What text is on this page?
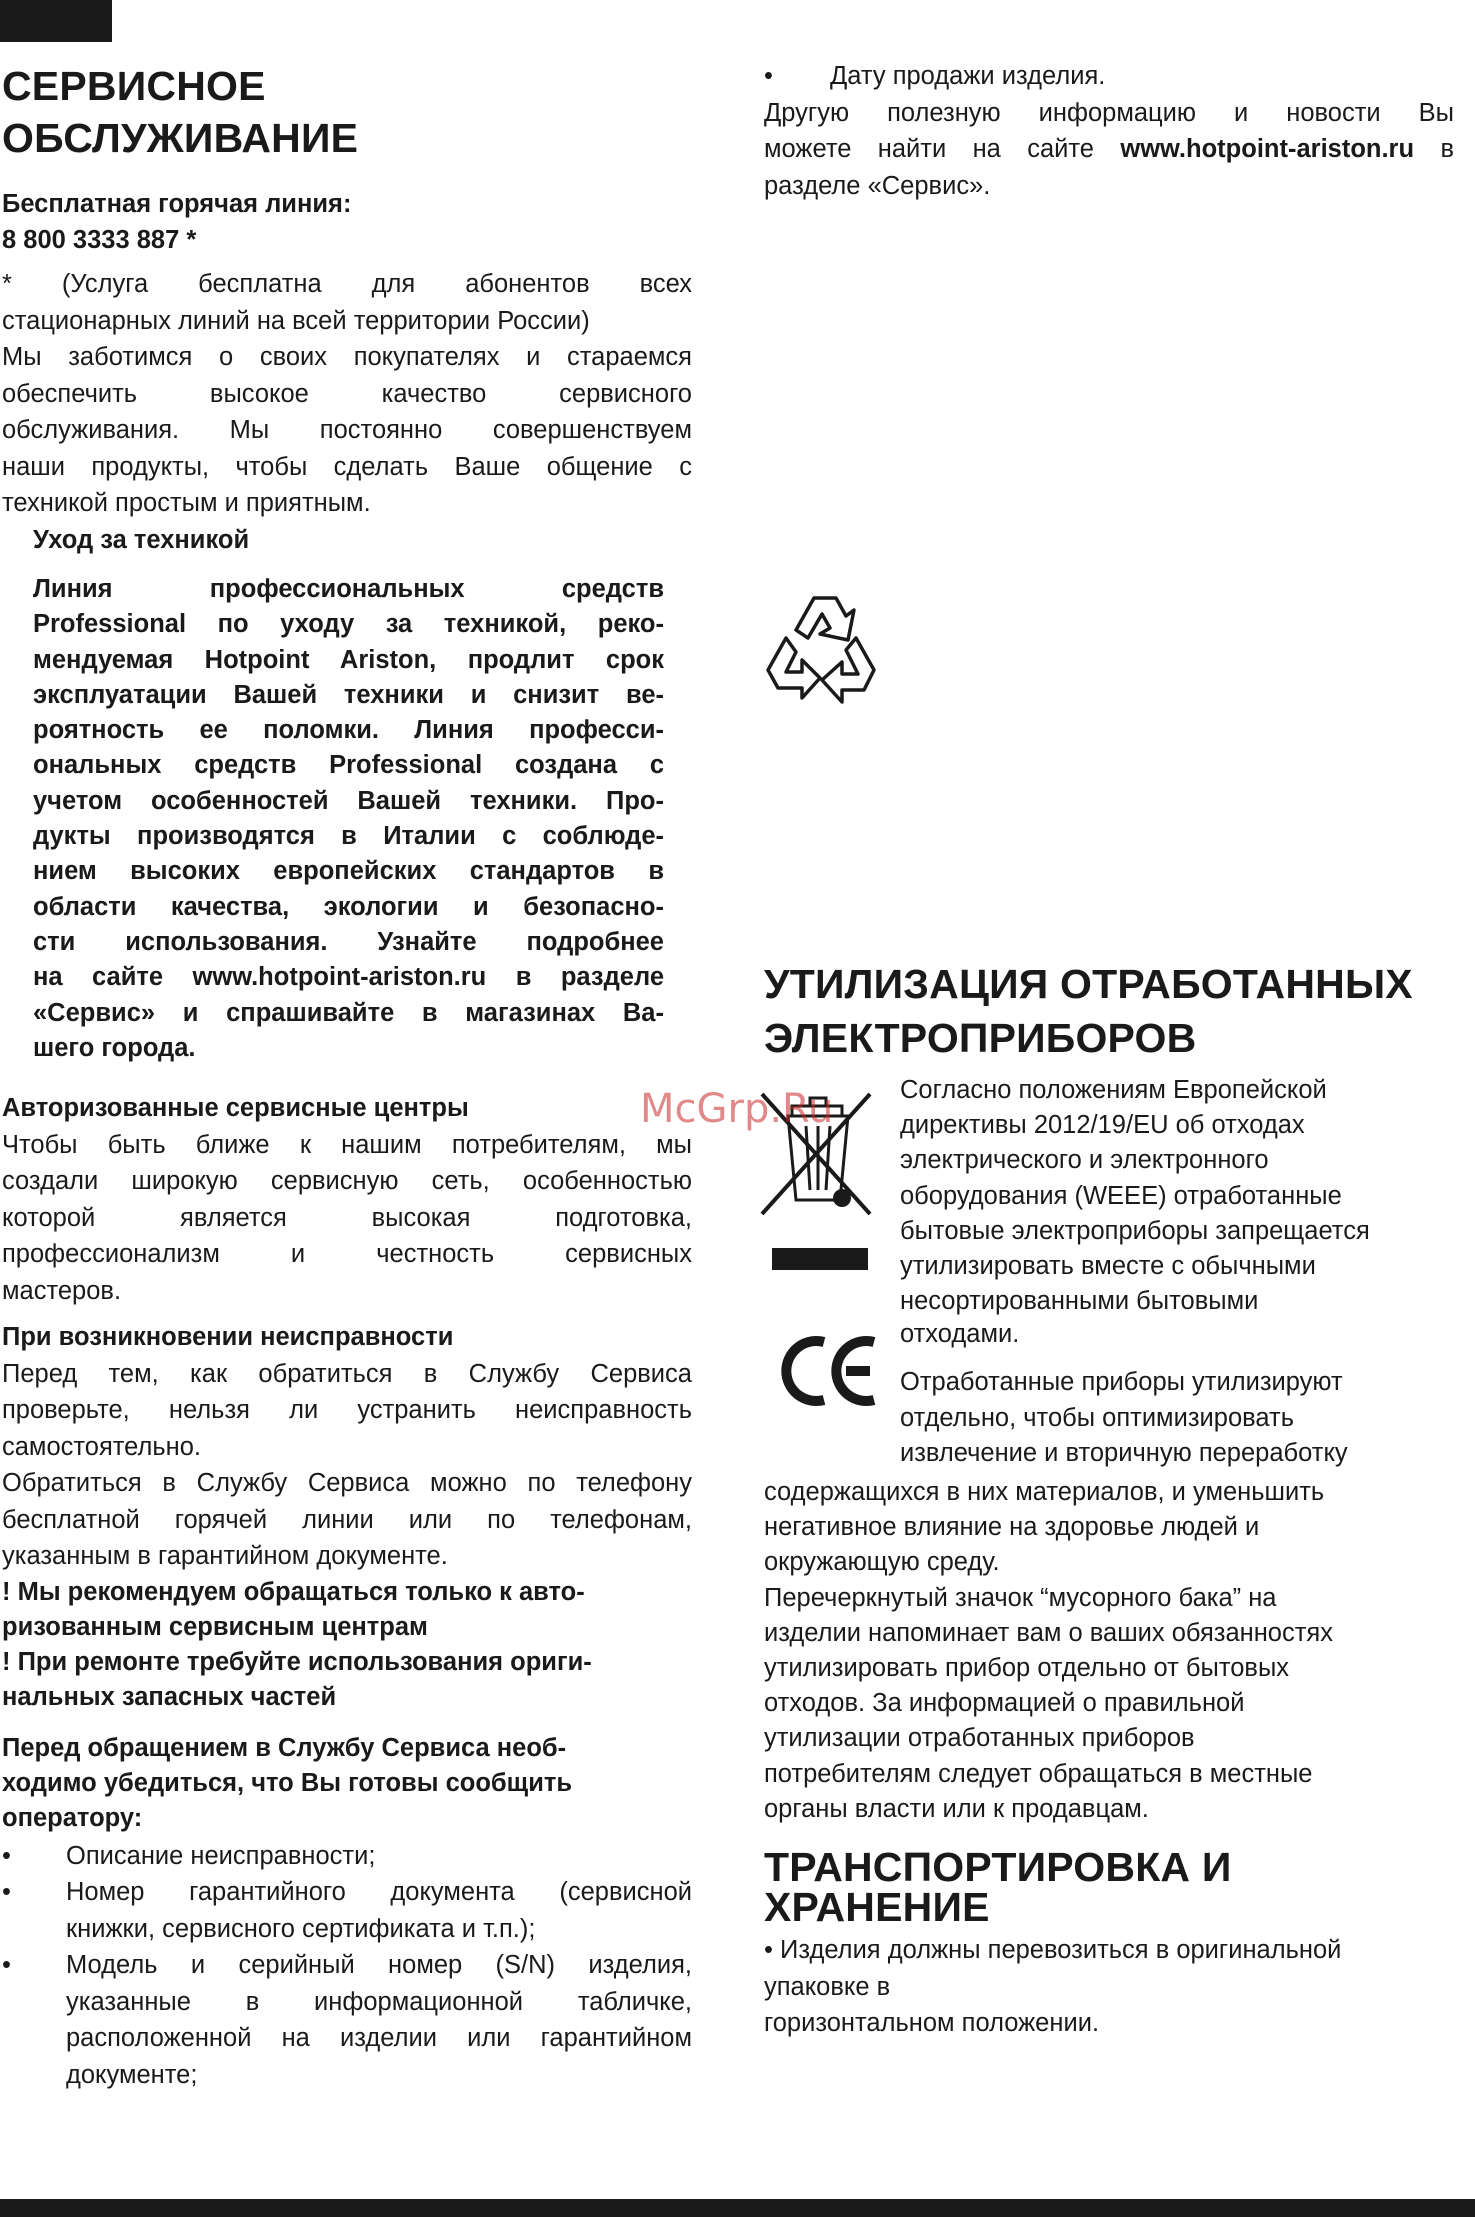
СЕРВИСНОЕ
ОБСЛУЖИВАНИЕ
Бесплатная горячая линия:
8 800 3333 887 *
* (Услуга бесплатна для абонентов всех
стационарных линий на всей территории России)
Мы заботимся о своих покупателях и стараемся
обеспечить высокое качество сервисного
обслуживания. Мы постоянно совершенствуем
наши продукты, чтобы сделать Ваше общение с
техникой простым и приятным.
Уход за техникой
Линия профессиональных средств
Professional по уходу за техникой, реко-
мендуемая Hotpoint Ariston, продлит срок
эксплуатации Вашей техники и снизит ве-
роятность ее поломки. Линия професси-
ональных средств Professional создана с
учетом особенностей Вашей техники. Про-
дукты производятся в Италии с соблюде-
нием высоких европейских стандартов в
области качества, экологии и безопасно-
сти использования. Узнайте подробнее
на сайте www.hotpoint-ariston.ru в разделе
«Сервис» и спрашивайте в магазинах Ва-
шего города.
Авторизованные сервисные центры
Чтобы быть ближе к нашим потребителям, мы
создали широкую сервисную сеть, особенностью
которой является высокая подготовка,
профессионализм и честность сервисных
мастеров.
При возникновении неисправности
Перед тем, как обратиться в Службу Сервиса
проверьте, нельзя ли устранить неисправность
самостоятельно.
Обратиться в Службу Сервиса можно по телефону
бесплатной горячей линии или по телефонам,
указанным в гарантийном документе.
! Мы рекомендуем обращаться только к авто-
ризованным сервисным центрам
! При ремонте требуйте использования ориги-
нальных запасных частей
Перед обращением в Службу Сервиса необ-
ходимо убедиться, что Вы готовы сообщить
оператору:
• Описание неисправности;
• Номер гарантийного документа (сервисной
книжки, сервисного сертификата и т.п.);
• Модель и серийный номер (S/N) изделия,
указанные в информационной табличке,
расположенной на изделии или гарантийном
документе;
• Дату продажи изделия.
Другую полезную информацию и новости Вы
можете найти на сайте www.hotpoint-ariston.ru в
разделе «Сервис».
УТИЛИЗАЦИЯ ОТРАБОТАННЫХ
ЭЛЕКТРОПРИБОРОВ
Согласно положениям Европейской
директивы 2012/19/EU об отходах
электрического и электронного
оборудования (WEEE) отработанные
бытовые электроприборы запрещается
утилизировать вместе с обычными
несортированными бытовыми
отходами.
Отработанные приборы утилизируют
отдельно, чтобы оптимизировать
извлечение и вторичную переработку
содержащихся в них материалов, и уменьшить
негативное влияние на здоровье людей и
окружающую среду.
Перечеркнутый значок “мусорного бака” на
изделии напоминает вам о ваших обязанностях
утилизировать прибор отдельно от бытовых
отходов. За информацией о правильной
утилизации отработанных приборов
потребителям следует обращаться в местные
органы власти или к продавцам.
ТРАНСПОРТИРОВКА И
ХРАНЕНИЕ
• Изделия должны перевозиться в оригинальной
упаковке в
горизонтальном положении.
McGrp.Ru
